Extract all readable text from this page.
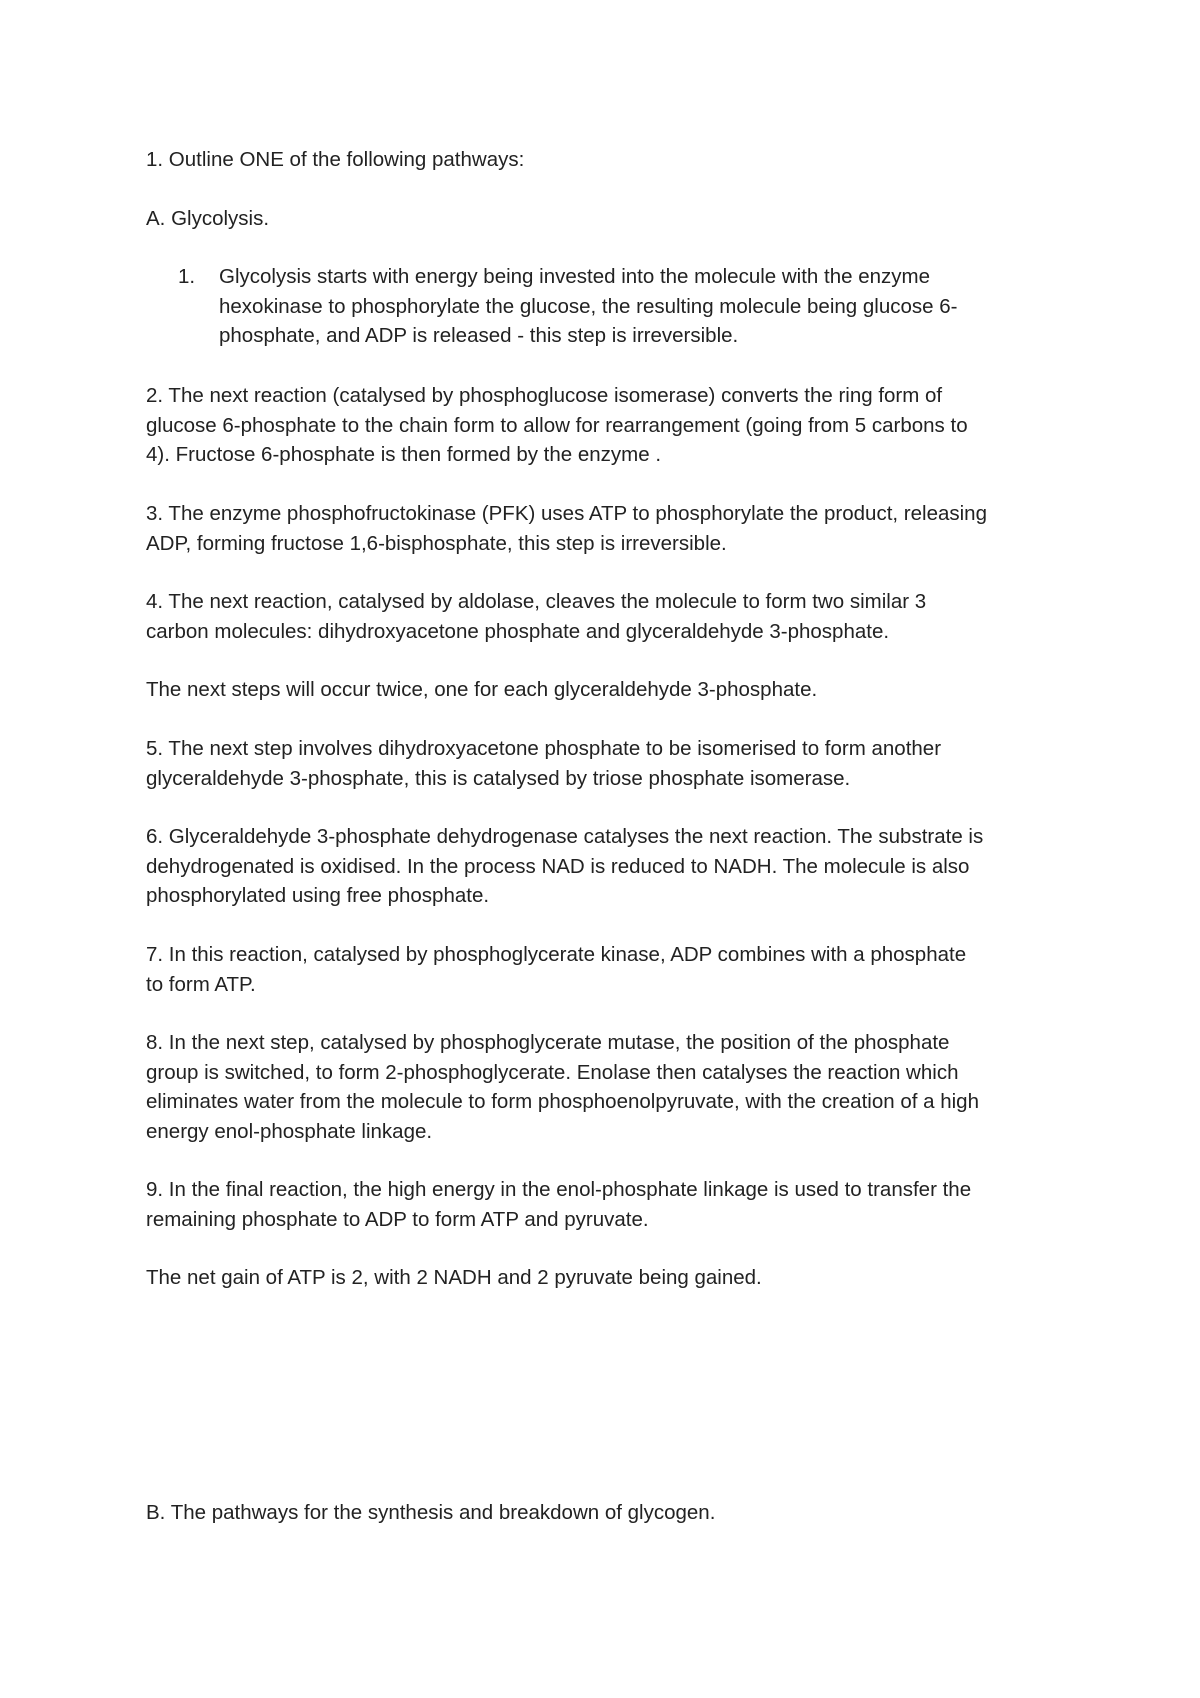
1. Outline ONE of the following pathways:
A. Glycolysis.
1. Glycolysis starts with energy being invested into the molecule with the enzyme
hexokinase to phosphorylate the glucose, the resulting molecule being glucose 6-
phosphate, and ADP is released - this step is irreversible.
2. The next reaction (catalysed by phosphoglucose isomerase) converts the ring form of
glucose 6-phosphate to the chain form to allow for rearrangement (going from 5 carbons to
4). Fructose 6-phosphate is then formed by the enzyme .
3. The enzyme phosphofructokinase (PFK) uses ATP to phosphorylate the product, releasing
ADP, forming fructose 1,6-bisphosphate, this step is irreversible.
4. The next reaction, catalysed by aldolase, cleaves the molecule to form two similar 3
carbon molecules: dihydroxyacetone phosphate and glyceraldehyde 3-phosphate.
The next steps will occur twice, one for each glyceraldehyde 3-phosphate.
5. The next step involves dihydroxyacetone phosphate to be isomerised to form another
glyceraldehyde 3-phosphate, this is catalysed by triose phosphate isomerase.
6. Glyceraldehyde 3-phosphate dehydrogenase catalyses the next reaction. The substrate is
dehydrogenated is oxidised. In the process NAD is reduced to NADH. The molecule is also
phosphorylated using free phosphate.
7. In this reaction, catalysed by phosphoglycerate kinase, ADP combines with a phosphate
to form ATP.
8. In the next step, catalysed by phosphoglycerate mutase, the position of the phosphate
group is switched, to form 2-phosphoglycerate. Enolase then catalyses the reaction which
eliminates water from the molecule to form phosphoenolpyruvate, with the creation of a high
energy enol-phosphate linkage.
9. In the final reaction, the high energy in the enol-phosphate linkage is used to transfer the
remaining phosphate to ADP to form ATP and pyruvate.
The net gain of ATP is 2, with 2 NADH and 2 pyruvate being gained.
B. The pathways for the synthesis and breakdown of glycogen.
